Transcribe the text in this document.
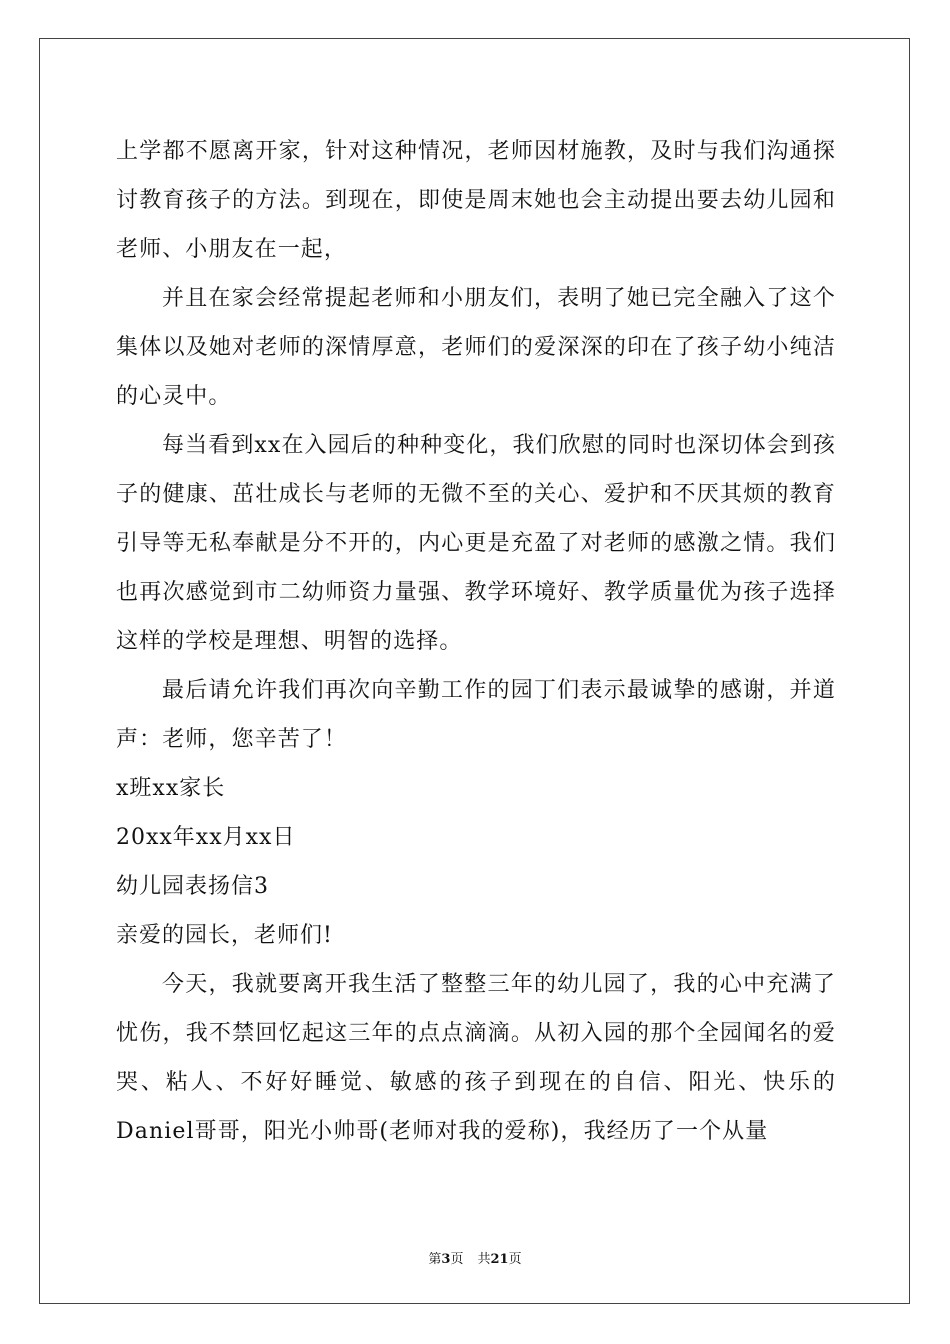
上学都不愿离开家，针对这种情况，老师因材施教，及时与我们沟通探讨教育孩子的方法。到现在，即使是周末她也会主动提出要去幼儿园和老师、小朋友在一起，

并且在家会经常提起老师和小朋友们，表明了她已完全融入了这个集体以及她对老师的深情厚意，老师们的爱深深的印在了孩子幼小纯洁的心灵中。

每当看到xx在入园后的种种变化，我们欣慰的同时也深切体会到孩子的健康、茁壮成长与老师的无微不至的关心、爱护和不厌其烦的教育引导等无私奉献是分不开的，内心更是充盈了对老师的感激之情。我们也再次感觉到市二幼师资力量强、教学环境好、教学质量优为孩子选择这样的学校是理想、明智的选择。

最后请允许我们再次向辛勤工作的园丁们表示最诚挚的感谢，并道声：老师，您辛苦了！

x班xx家长
20xx年xx月xx日
幼儿园表扬信3
亲爱的园长，老师们!

今天，我就要离开我生活了整整三年的幼儿园了，我的心中充满了忧伤，我不禁回忆起这三年的点点滴滴。从初入园的那个全园闻名的爱哭、粘人、不好好睡觉、敏感的孩子到现在的自信、阳光、快乐的Daniel哥哥，阳光小帅哥(老师对我的爱称)，我经历了一个从量

第3页 共21页
